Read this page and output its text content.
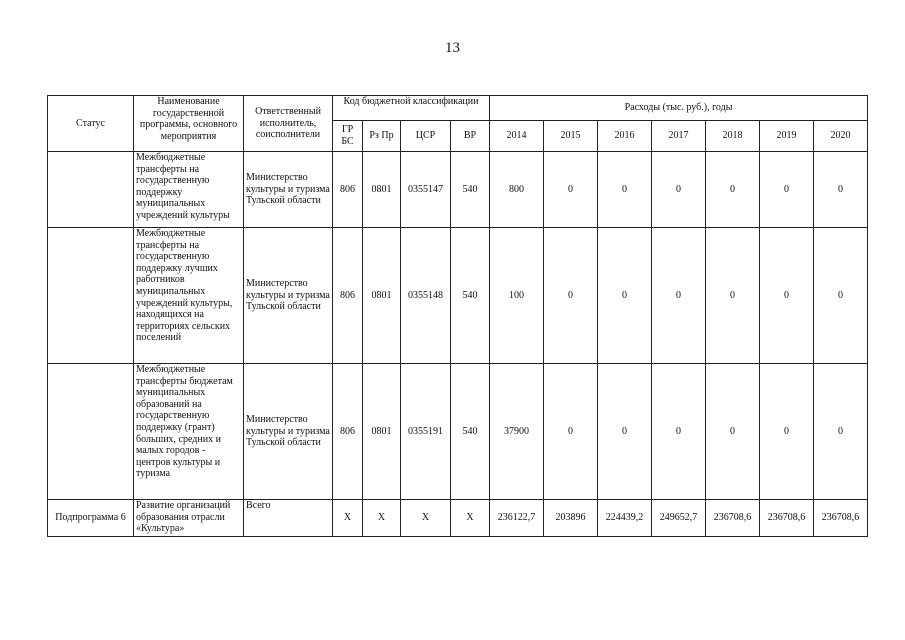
13
Статус	Наименование государственной программы, основного мероприятия	Ответственный исполнитель, соисполнители	Код бюджетной классификации				Расходы (тыс. руб.), годы						
			ГР БС	Рз Пр	ЦСР	ВР	2014	2015	2016	2017	2018	2019	2020
	Межбюджетные трансферты на государственную поддержку муниципальных учреждений культуры	Министерство культуры и туризма Тульской области	806	0801	0355147	540	800	0	0	0	0	0	0
	Межбюджетные трансферты на государственную поддержку лучших работников муниципальных учреждений культуры, находящихся на территориях сельских поселений	Министерство культуры и туризма Тульской области	806	0801	0355148	540	100	0	0	0	0	0	0
	Межбюджетные трансферты бюджетам муниципальных образований на государственную поддержку (грант) больших, средних и малых городов - центров культуры и туризма	Министерство культуры и туризма Тульской области	806	0801	0355191	540	37900	0	0	0	0	0	0
Подпрограмма 6	Развитие организаций образования отрасли «Культура»	Всего	Х	Х	Х	Х	236122,7	203896	224439,2	249652,7	236708,6	236708,6	236708,6
